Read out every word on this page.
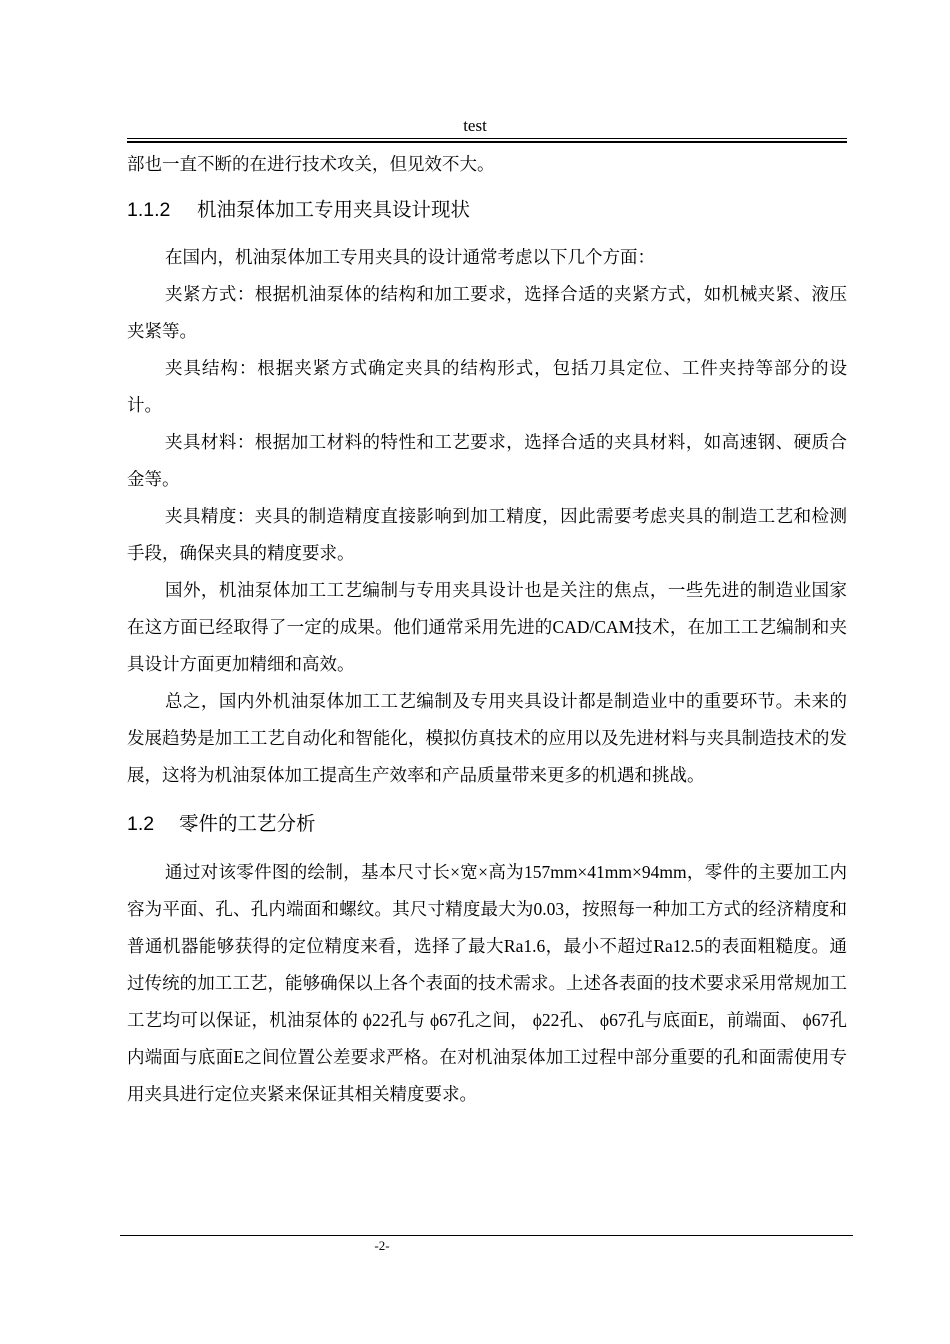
test

部也一直不断的在进行技术攻关，但见效不大。

1.1.2	机油泵体加工专用夹具设计现状

在国内，机油泵体加工专用夹具的设计通常考虑以下几个方面：

夹紧方式：根据机油泵体的结构和加工要求，选择合适的夹紧方式，如机械夹紧、液压夹紧等。

夹具结构：根据夹紧方式确定夹具的结构形式，包括刀具定位、工件夹持等部分的设计。

夹具材料：根据加工材料的特性和工艺要求，选择合适的夹具材料，如高速钢、硬质合金等。

夹具精度：夹具的制造精度直接影响到加工精度，因此需要考虑夹具的制造工艺和检测手段，确保夹具的精度要求。

国外，机油泵体加工工艺编制与专用夹具设计也是关注的焦点，一些先进的制造业国家在这方面已经取得了一定的成果。他们通常采用先进的CAD/CAM技术，在加工工艺编制和夹具设计方面更加精细和高效。

总之，国内外机油泵体加工工艺编制及专用夹具设计都是制造业中的重要环节。未来的发展趋势是加工工艺自动化和智能化，模拟仿真技术的应用以及先进材料与夹具制造技术的发展，这将为机油泵体加工提高生产效率和产品质量带来更多的机遇和挑战。

1.2	零件的工艺分析

通过对该零件图的绘制，基本尺寸长×宽×高为157mm×41mm×94mm，零件的主要加工内容为平面、孔、孔内端面和螺纹。其尺寸精度最大为0.03，按照每一种加工方式的经济精度和普通机器能够获得的定位精度来看，选择了最大Ra1.6，最小不超过Ra12.5的表面粗糙度。通过传统的加工工艺，能够确保以上各个表面的技术需求。上述各表面的技术要求采用常规加工工艺均可以保证，机油泵体的 ϕ22孔与 ϕ67孔之间， ϕ22孔、 ϕ67孔与底面E，前端面、 ϕ67孔内端面与底面E之间位置公差要求严格。在对机油泵体加工过程中部分重要的孔和面需使用专用夹具进行定位夹紧来保证其相关精度要求。

-2-
